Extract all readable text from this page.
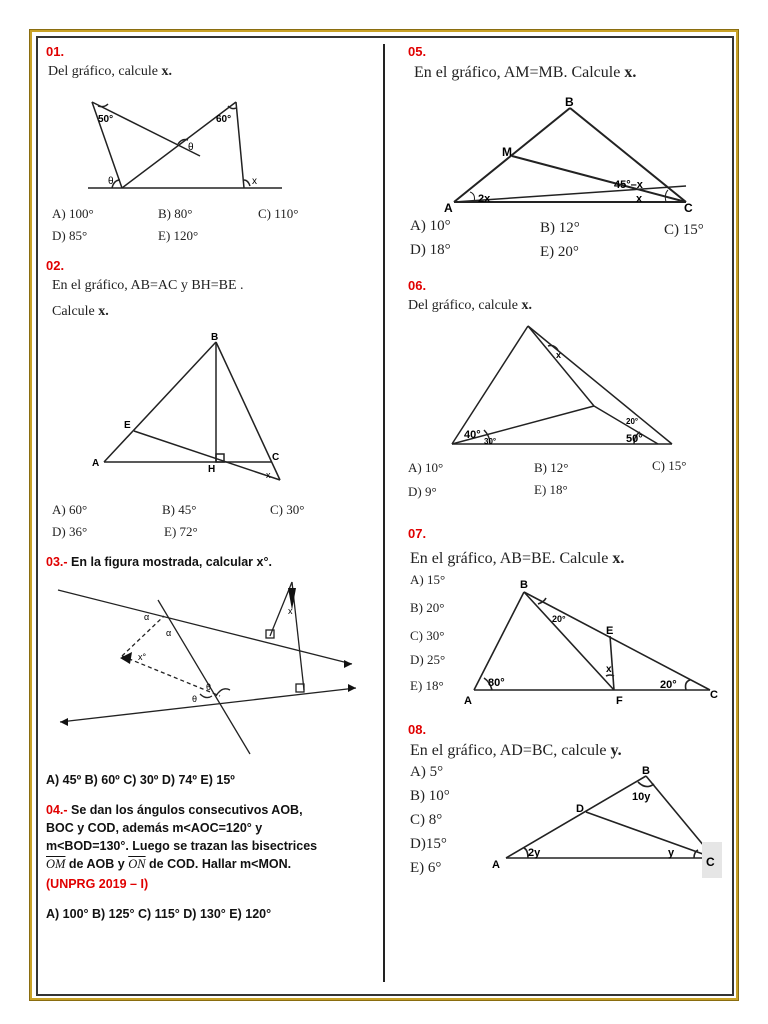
01.
Del gráfico, calcule x.
50°	60°
θ
θ	x
A) 100°	B) 80°	C) 110°
D) 85°	E) 120°
02.
En el gráfico, AB=AC y BH=BE .
Calcule x.
B
E
A
H
C
x
A) 60°	B) 45°	C) 30°
D) 36°	E) 72°
03.- En la figura mostrada, calcular x°.
α
α
x°
θ
θ
x
A) 45º B) 60º C) 30º D) 74º E) 15º
04.- Se dan los ángulos consecutivos AOB,
BOC y COD, además m<AOC=120° y
m<BOD=130°. Luego se trazan las bisectrices
$\overline{OM}$ de AOB y $\overline{ON}$ de COD. Hallar m<MON.
(UNPRG 2019 – I)
A) 100° B) 125° C) 115° D) 130° E) 120°
05.
En el gráfico, AM=MB. Calcule x.
B
M
A	C
2x
45°–x
x
A) 10°	B) 12°	C) 15°
D) 18°	E) 20°
06.
Del gráfico, calcule x.
x
40°
30°
20°
50°
A) 10°	B) 12°	C) 15°
D) 9°	E) 18°
07.
En el gráfico, AB=BE. Calcule x.
A) 15°
B) 20°
C) 30°
D) 25°
E) 18°
B
E
A	F	C
80°
20°
20°
x
08.
En el gráfico, AD=BC, calcule y.
A) 5°
B) 10°
C) 8°
D)15°
E) 6°
B
D
A	C
2y
10y
y
